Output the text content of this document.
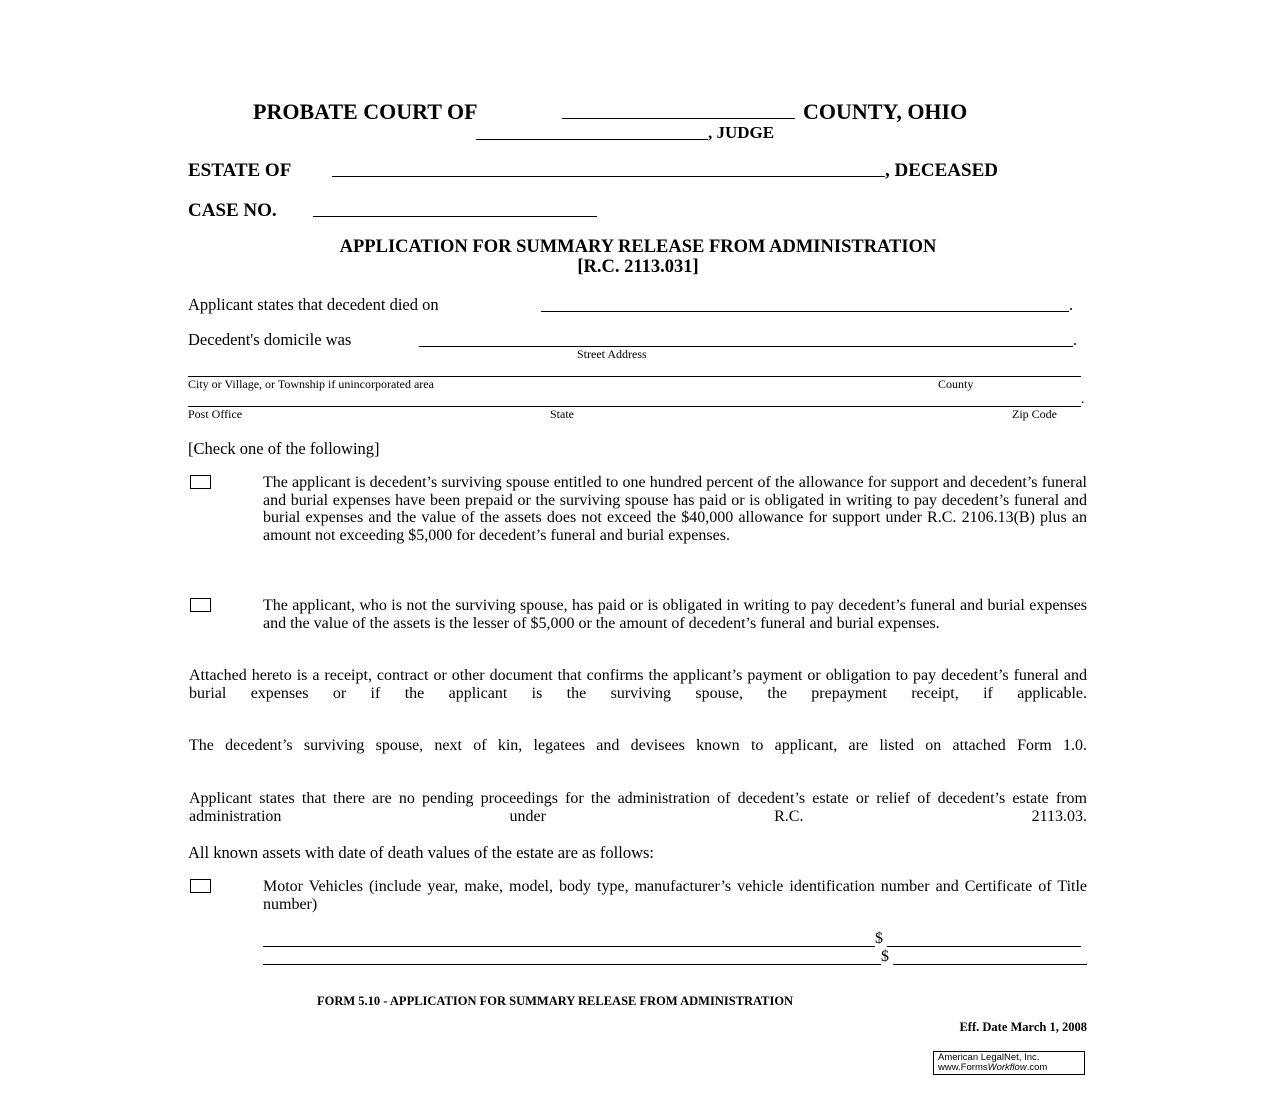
PROBATE COURT OF	COUNTY, OHIO
, JUDGE
ESTATE OF	, DECEASED
CASE NO.
APPLICATION FOR SUMMARY RELEASE FROM ADMINISTRATION
[R.C. 2113.031]
Applicant states that decedent died on	.
Decedent's domicile was	.
Street Address
City or Village, or Township if unincorporated area	County
.
Post Office	State	Zip Code
[Check one of the following]
The applicant is decedent’s surviving spouse entitled to one hundred percent of the allowance for support and decedent’s funeral and burial expenses have been prepaid or the surviving spouse has paid or is obligated in writing to pay decedent’s funeral and burial expenses and the value of the assets does not exceed the $40,000 allowance for support under R.C. 2106.13(B) plus an amount not exceeding $5,000 for decedent’s funeral and burial expenses.
The applicant, who is not the surviving spouse, has paid or is obligated in writing to pay decedent’s funeral and burial expenses and the value of the assets is the lesser of $5,000 or the amount of decedent’s funeral and burial expenses.
Attached hereto is a receipt, contract or other document that confirms the applicant’s payment or obligation to pay decedent’s funeral and burial expenses or if the applicant is the surviving spouse, the prepayment receipt, if applicable.
The decedent’s surviving spouse, next of kin, legatees and devisees known to applicant, are listed on attached Form 1.0.
Applicant states that there are no pending proceedings for the administration of decedent’s estate or relief of decedent’s estate from administration under R.C. 2113.03.
All known assets with date of death values of the estate are as follows:
Motor Vehicles (include year, make, model, body type, manufacturer’s vehicle identification number and Certificate of Title number)
$
$
FORM 5.10 - APPLICATION FOR SUMMARY RELEASE FROM ADMINISTRATION
Eff. Date March 1, 2008
American LegalNet, Inc.
www.FormsWorkflow.com
